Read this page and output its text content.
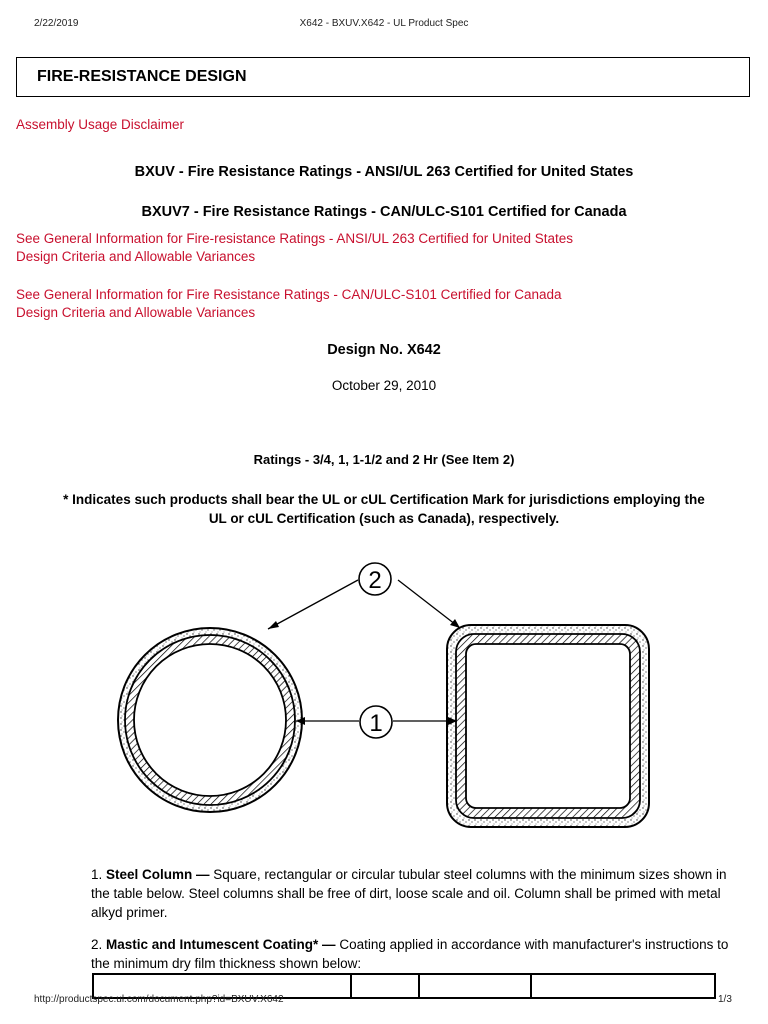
2/22/2019	X642 - BXUV.X642 - UL Product Spec
FIRE-RESISTANCE DESIGN
Assembly Usage Disclaimer
BXUV - Fire Resistance Ratings - ANSI/UL 263 Certified for United States
BXUV7 - Fire Resistance Ratings - CAN/ULC-S101 Certified for Canada
See General Information for Fire-resistance Ratings - ANSI/UL 263 Certified for United States
Design Criteria and Allowable Variances
See General Information for Fire Resistance Ratings - CAN/ULC-S101 Certified for Canada
Design Criteria and Allowable Variances
Design No. X642
October 29, 2010
Ratings - 3/4, 1, 1-1/2 and 2 Hr (See Item 2)
* Indicates such products shall bear the UL or cUL Certification Mark for jurisdictions employing the
UL or cUL Certification (such as Canada), respectively.
2
1
1. Steel Column — Square, rectangular or circular tubular steel columns with the minimum sizes shown in the table below. Steel columns shall be free of dirt, loose scale and oil. Column shall be primed with metal alkyd primer.
2. Mastic and Intumescent Coating* — Coating applied in accordance with manufacturer's instructions to the minimum dry film thickness shown below:

http://productspec.ul.com/document.php?id=BXUV.X642	1/3
